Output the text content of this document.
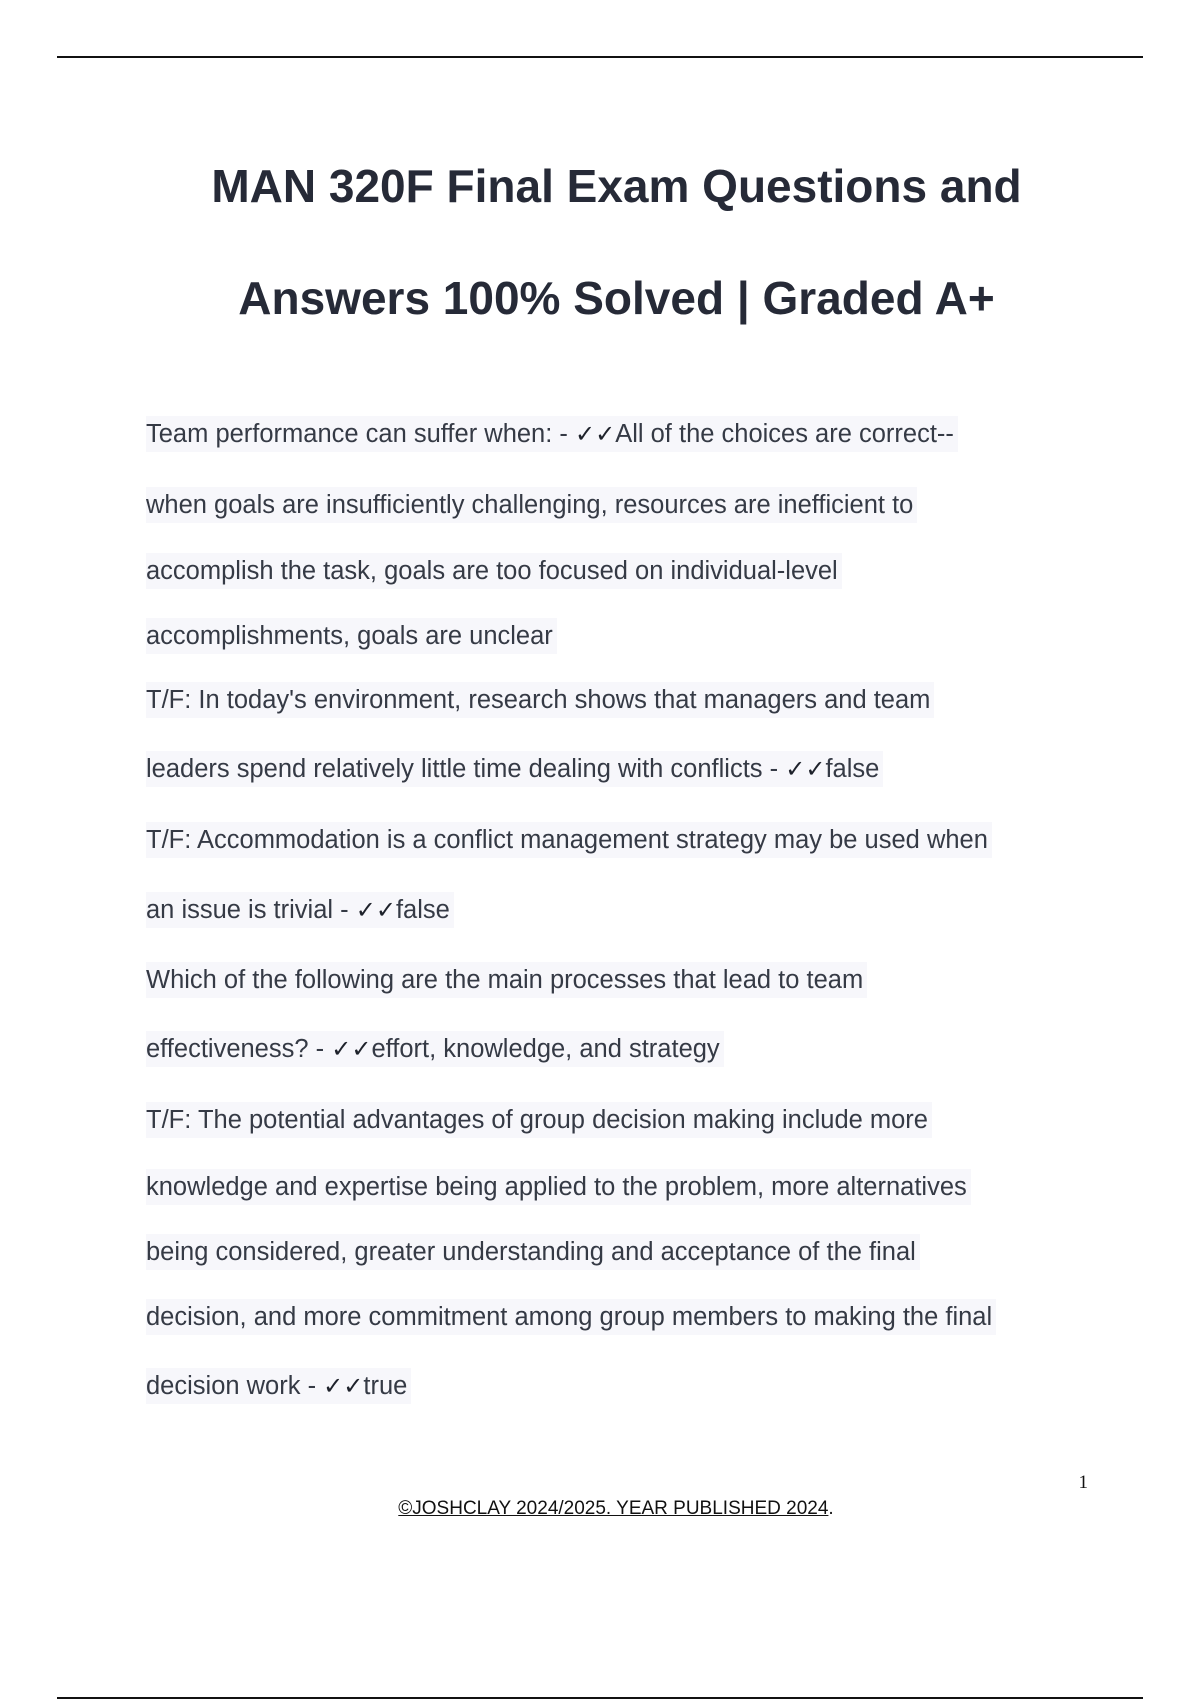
MAN 320F Final Exam Questions and
Answers 100% Solved | Graded A+
Team performance can suffer when: - ✓✓All of the choices are correct--
when goals are insufficiently challenging, resources are inefficient to
accomplish the task, goals are too focused on individual-level
accomplishments, goals are unclear
T/F: In today's environment, research shows that managers and team
leaders spend relatively little time dealing with conflicts - ✓✓false
T/F: Accommodation is a conflict management strategy may be used when
an issue is trivial - ✓✓false
Which of the following are the main processes that lead to team
effectiveness? - ✓✓effort, knowledge, and strategy
T/F: The potential advantages of group decision making include more
knowledge and expertise being applied to the problem, more alternatives
being considered, greater understanding and acceptance of the final
decision, and more commitment among group members to making the final
decision work - ✓✓true
1
©JOSHCLAY 2024/2025. YEAR PUBLISHED 2024.
